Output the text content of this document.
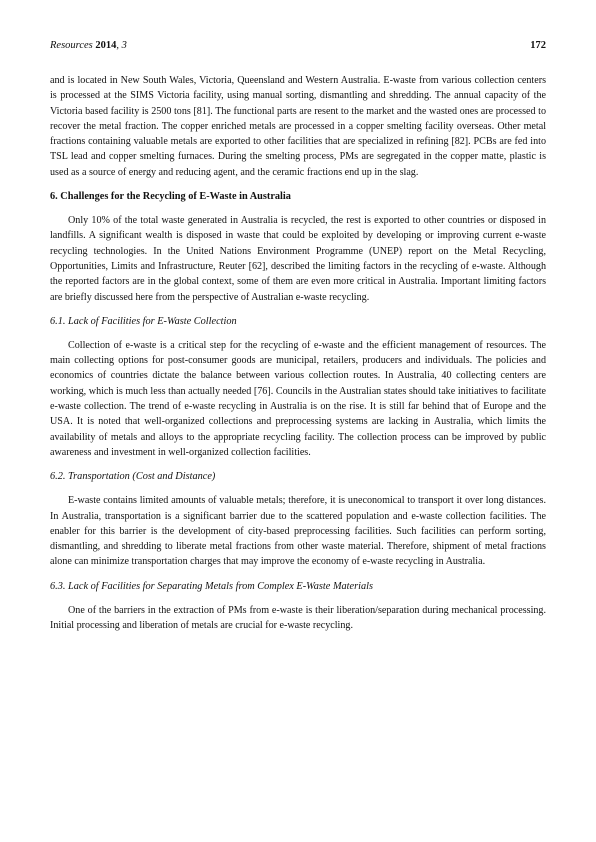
Resources 2014, 3	172

and is located in New South Wales, Victoria, Queensland and Western Australia. E-waste from various collection centers is processed at the SIMS Victoria facility, using manual sorting, dismantling and shredding. The annual capacity of the Victoria based facility is 2500 tons [81]. The functional parts are resent to the market and the wasted ones are processed to recover the metal fraction. The copper enriched metals are processed in a copper smelting facility overseas. Other metal fractions containing valuable metals are exported to other facilities that are specialized in refining [82]. PCBs are fed into TSL lead and copper smelting furnaces. During the smelting process, PMs are segregated in the copper matte, plastic is used as a source of energy and reducing agent, and the ceramic fractions end up in the slag.

6. Challenges for the Recycling of E-Waste in Australia

Only 10% of the total waste generated in Australia is recycled, the rest is exported to other countries or disposed in landfills. A significant wealth is disposed in waste that could be exploited by developing or improving current e-waste recycling technologies. In the United Nations Environment Programme (UNEP) report on the Metal Recycling, Opportunities, Limits and Infrastructure, Reuter [62], described the limiting factors in the recycling of e-waste. Although the reported factors are in the global context, some of them are even more critical in Australia. Important limiting factors are briefly discussed here from the perspective of Australian e-waste recycling.

6.1. Lack of Facilities for E-Waste Collection

Collection of e-waste is a critical step for the recycling of e-waste and the efficient management of resources. The main collecting options for post-consumer goods are municipal, retailers, producers and individuals. The policies and economics of countries dictate the balance between various collection routes. In Australia, 40 collecting centers are working, which is much less than actually needed [76]. Councils in the Australian states should take initiatives to facilitate e-waste collection. The trend of e-waste recycling in Australia is on the rise. It is still far behind that of Europe and the USA. It is noted that well-organized collections and preprocessing systems are lacking in Australia, which limits the availability of metals and alloys to the appropriate recycling facility. The collection process can be improved by public awareness and investment in well-organized collection facilities.

6.2. Transportation (Cost and Distance)

E-waste contains limited amounts of valuable metals; therefore, it is uneconomical to transport it over long distances. In Australia, transportation is a significant barrier due to the scattered population and e-waste collection facilities. The enabler for this barrier is the development of city-based preprocessing facilities. Such facilities can perform sorting, dismantling, and shredding to liberate metal fractions from other waste material. Therefore, shipment of metal fractions alone can minimize transportation charges that may improve the economy of e-waste recycling in Australia.

6.3. Lack of Facilities for Separating Metals from Complex E-Waste Materials

One of the barriers in the extraction of PMs from e-waste is their liberation/separation during mechanical processing. Initial processing and liberation of metals are crucial for e-waste recycling.
